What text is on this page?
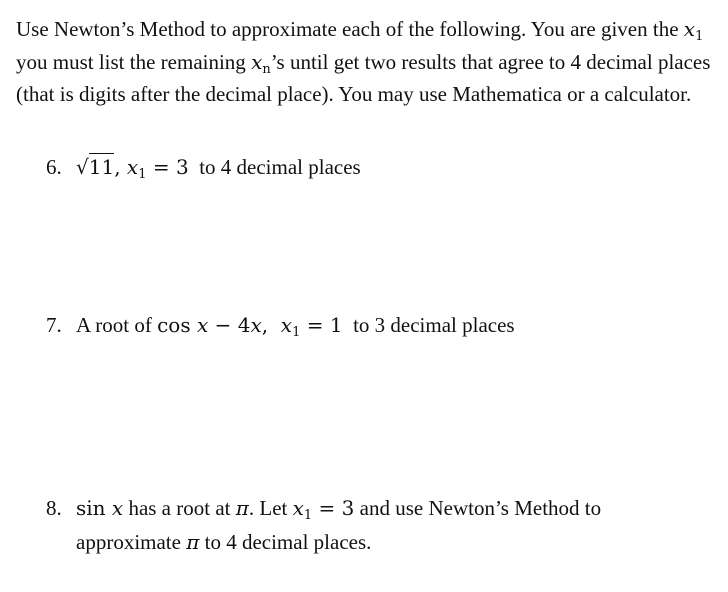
Use Newton’s Method to approximate each of the following. You are given the $x_1$ you must list the remaining $x_n’s$ until get two results that agree to 4 decimal places (that is digits after the decimal place). You may use Mathematica or a calculator.

6. √11, $x_1 = 3$  to 4 decimal places

7. A root of cos x − 4x,  $x_1 = 1$  to 3 decimal places

8. sin x has a root at π. Let $x_1 = 3$ and use Newton’s Method to
approximate π to 4 decimal places.
